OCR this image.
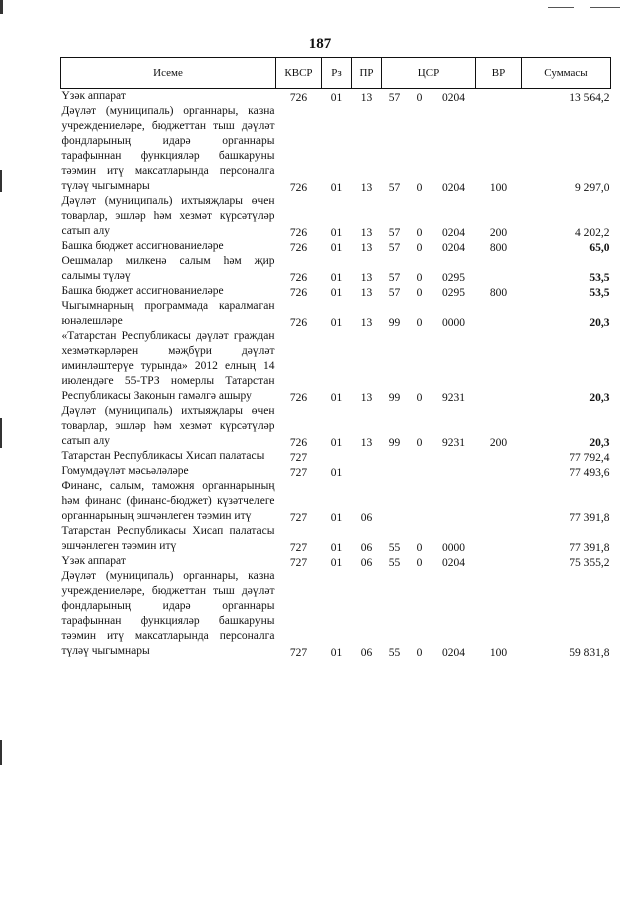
187
Исеме	КВСР	Рз	ПР	ЦСР			ВР	Суммасы
Үзәк аппарат	726	01	13	57	0	0204		13 564,2
Дәүләт (муниципаль) органнары, казна учреждениеләре, бюджеттан тыш дәүләт фондларының идарә органнары тарафыннан функцияләр башкаруны тәэмин итү максатларында персоналга түләү чыгымнары	726	01	13	57	0	0204	100	9 297,0
Дәүләт (муниципаль) ихтыяҗлары өчен товарлар, эшләр һәм хезмәт күрсәтүләр сатып алу	726	01	13	57	0	0204	200	4 202,2
Башка бюджет ассигнованиеләре	726	01	13	57	0	0204	800	65,0
Оешмалар милкенә салым һәм җир салымы түләү	726	01	13	57	0	0295		53,5
Башка бюджет ассигнованиеләре	726	01	13	57	0	0295	800	53,5
Чыгымнарның программада каралмаган юнәлешләре	726	01	13	99	0	0000		20,3
«Татарстан Республикасы дәүләт граждан хезмәткәрләрен мәҗбүри дәүләт иминләштерүе турында» 2012 елның 14 июлендәге 55-ТРЗ номерлы Татарстан Республикасы Законын гамәлгә ашыру	726	01	13	99	0	9231		20,3
Дәүләт (муниципаль) ихтыяҗлары өчен товарлар, эшләр һәм хезмәт күрсәтүләр сатып алу	726	01	13	99	0	9231	200	20,3
Татарстан Республикасы Хисап палатасы	727							77 792,4
Гомумдәүләт мәсьәләләре	727	01						77 493,6
Финанс, салым, таможня органнарының һәм финанс (финанс-бюджет) күзәтчелеге органнарының эшчәнлеген тәэмин итү	727	01	06					77 391,8
Татарстан Республикасы Хисап палатасы эшчәнлеген тәэмин итү	727	01	06	55	0	0000		77 391,8
Үзәк аппарат	727	01	06	55	0	0204		75 355,2
Дәүләт (муниципаль) органнары, казна учреждениеләре, бюджеттан тыш дәүләт фондларының идарә органнары тарафыннан функцияләр башкаруны тәэмин итү максатларында персоналга түләү чыгымнары	727	01	06	55	0	0204	100	59 831,8
